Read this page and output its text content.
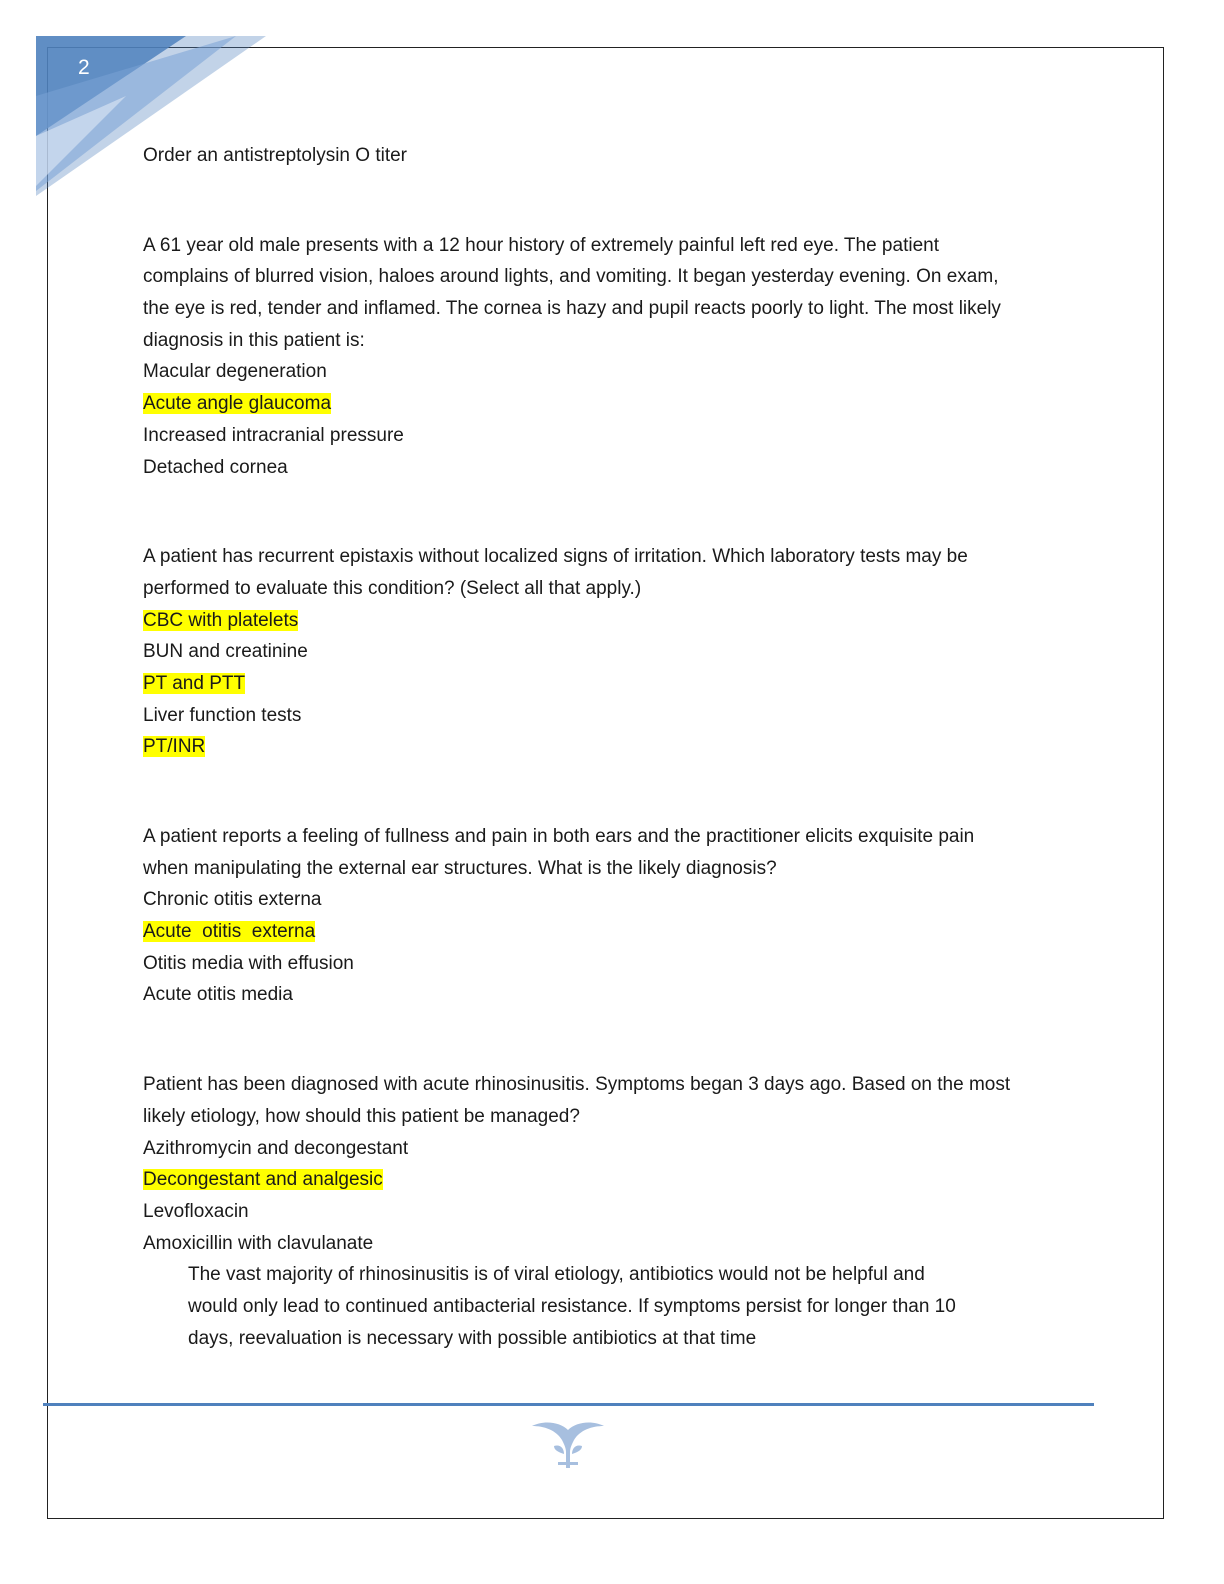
2
Order an antistreptolysin O titer
A 61 year old male presents with a 12 hour history of extremely painful left red eye. The patient
complains of blurred vision, haloes around lights, and vomiting. It began yesterday evening. On exam,
the eye is red, tender and inflamed. The cornea is hazy and pupil reacts poorly to light. The most likely
diagnosis in this patient is:
Macular degeneration
Acute angle glaucoma
Increased intracranial pressure
Detached cornea
A patient has recurrent epistaxis without localized signs of irritation. Which laboratory tests may be
performed to evaluate this condition? (Select all that apply.)
CBC with platelets
BUN and creatinine
PT and PTT
Liver function tests
PT/INR
A patient reports a feeling of fullness and pain in both ears and the practitioner elicits exquisite pain
when manipulating the external ear structures. What is the likely diagnosis?
Chronic otitis externa
Acute  otitis  externa
Otitis media with effusion
Acute otitis media
Patient has been diagnosed with acute rhinosinusitis. Symptoms began 3 days ago. Based on the most
likely etiology, how should this patient be managed?
Azithromycin and decongestant
Decongestant and analgesic
Levofloxacin
Amoxicillin with clavulanate
The vast majority of rhinosinusitis is of viral etiology, antibiotics would not be helpful and
would only lead to continued antibacterial resistance. If symptoms persist for longer than 10
days, reevaluation is necessary with possible antibiotics at that time
